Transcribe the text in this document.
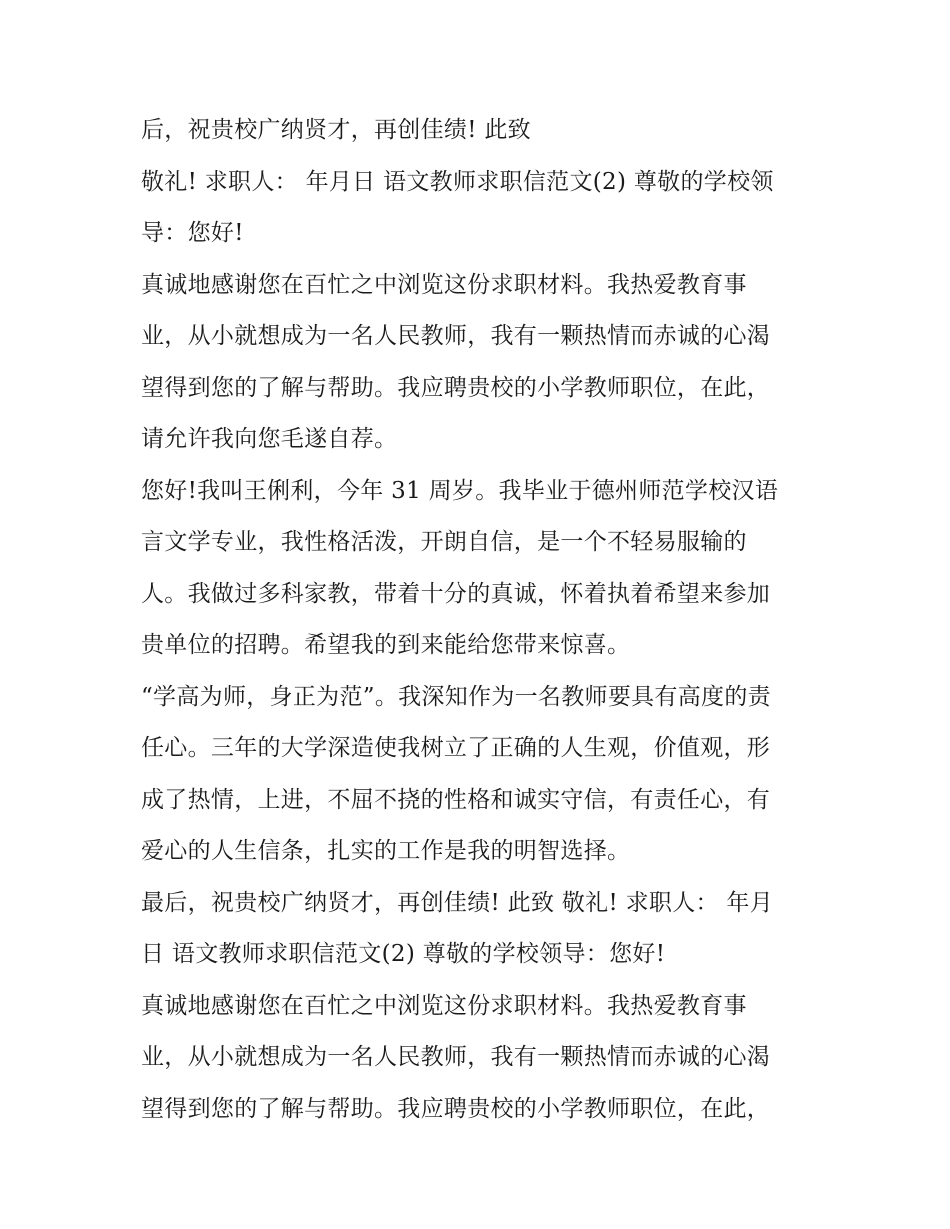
后，祝贵校广纳贤才，再创佳绩! 此致
敬礼! 求职人： 年月日 语文教师求职信范文(2) 尊敬的学校领
导：您好!
真诚地感谢您在百忙之中浏览这份求职材料。我热爱教育事
业，从小就想成为一名人民教师，我有一颗热情而赤诚的心渴
望得到您的了解与帮助。我应聘贵校的小学教师职位，在此，
请允许我向您毛遂自荐。
您好!我叫王俐利，今年 31 周岁。我毕业于德州师范学校汉语
言文学专业，我性格活泼，开朗自信，是一个不轻易服输的
人。我做过多科家教，带着十分的真诚，怀着执着希望来参加
贵单位的招聘。希望我的到来能给您带来惊喜。
“学高为师，身正为范”。我深知作为一名教师要具有高度的责
任心。三年的大学深造使我树立了正确的人生观，价值观，形
成了热情，上进，不屈不挠的性格和诚实守信，有责任心，有
爱心的人生信条，扎实的工作是我的明智选择。
最后，祝贵校广纳贤才，再创佳绩! 此致 敬礼! 求职人： 年月
日 语文教师求职信范文(2) 尊敬的学校领导：您好!
真诚地感谢您在百忙之中浏览这份求职材料。我热爱教育事
业，从小就想成为一名人民教师，我有一颗热情而赤诚的心渴
望得到您的了解与帮助。我应聘贵校的小学教师职位，在此，
